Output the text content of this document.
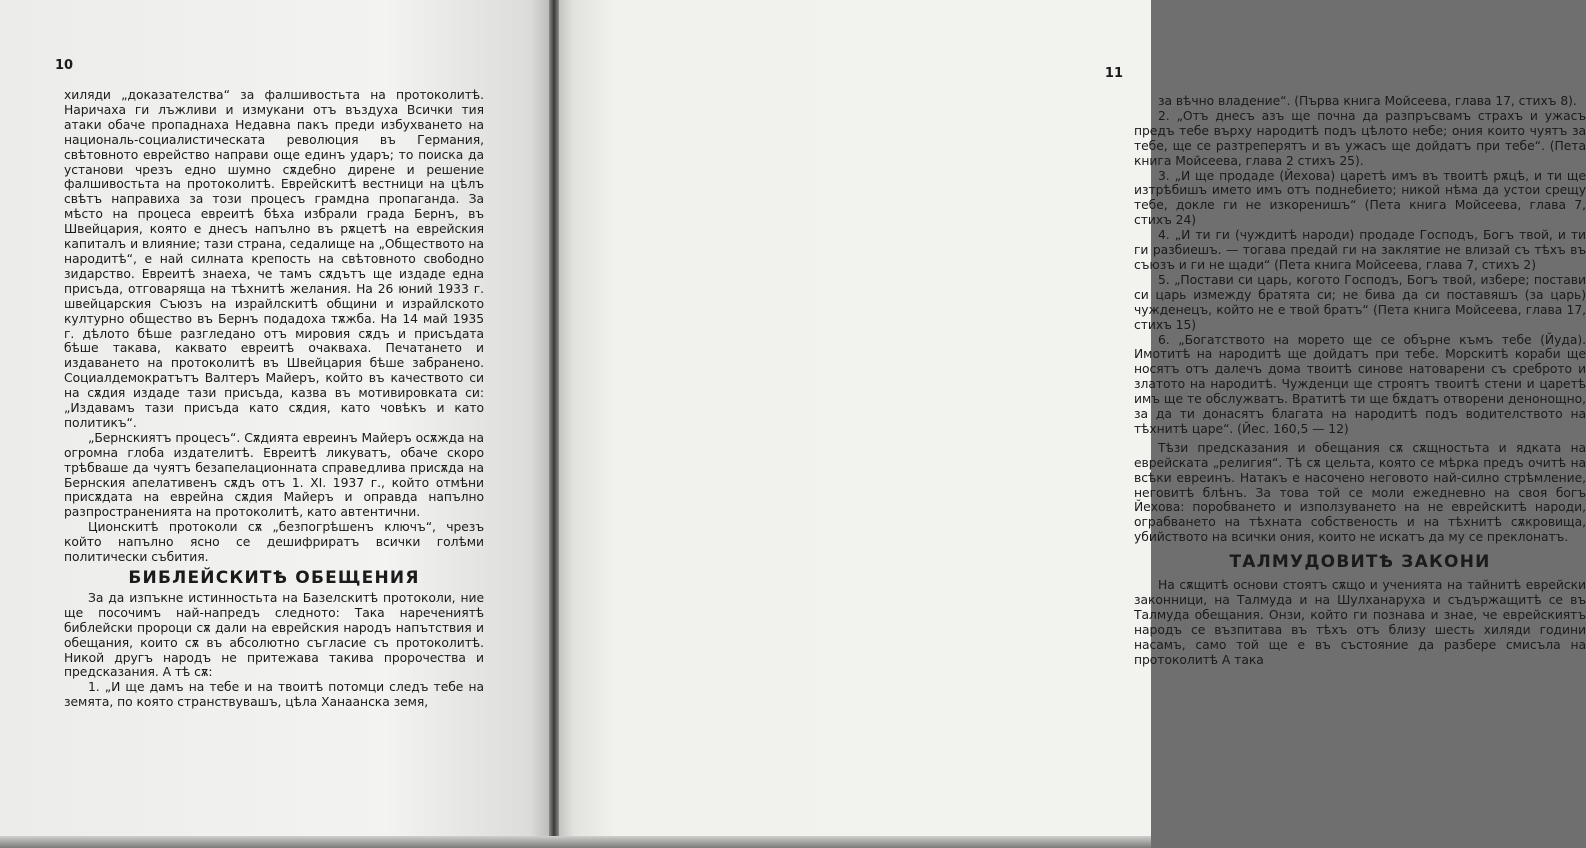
10

хиляди „доказателства“ за фалшивостьта на протоколитѣ. Наричаха ги лъжливи и измукани отъ въздуха Всички тия атаки обаче пропаднаха Недавна пакъ преди избухването на националь-социалистическата революция въ Германия, свѣтовното еврейство направи още единъ ударъ; то поиска да установи чрезъ едно шумно сѫдебно дирене и решение фалшивостьта на протоколитѣ. Еврейскитѣ вестници на цѣлъ свѣтъ направиха за този процесъ грамдна пропаганда. За мѣсто на процеса евреитѣ бѣха избрали града Бернъ, въ Швейцария, която е днесъ напълно въ рѫцетѣ на еврейския капиталъ и влияние; тази страна, седалище на „Обществото на народитѣ“, е най силната крепость на свѣтовното свободно зидарство. Евреитѣ знаеха, че тамъ сѫдътъ ще издаде една присъда, отговаряща на тѣхнитѣ желания. На 26 юний 1933 г. швейцарския Съюзъ на израйлскитѣ общини и израйлското културно общество въ Бернъ подадоха тѫжба. На 14 май 1935 г. дѣлото бѣше разгледано отъ мировия сѫдъ и присъдата бѣше такава, каквато евреитѣ очакваха. Печатането и издаването на протоколитѣ въ Швейцария бѣше забранено. Социалдемократътъ Валтеръ Майеръ, който въ качеството си на сѫдия издаде тази присъда, казва въ мотивировката си: „Издавамъ тази присъда като сѫдия, като човѣкъ и като политикъ“.

„Бернскиятъ процесъ“. Сѫдията евреинъ Майеръ осѫжда на огромна глоба издателитѣ. Евреитѣ ликуватъ, обаче скоро трѣбваше да чуятъ безапелационната справедлива присѫда на Бернския апелативенъ сѫдъ отъ 1. XI. 1937 г., който отмѣни присѫдата на еврейна сѫдия Майеръ и оправда напълно разпространенията на протоколитѣ, като автентични.

Ционскитѣ протоколи сѫ „безпогрѣшенъ ключъ“, чрезъ който напълно ясно се дешифриратъ всички голѣми политически събития.

БИБЛЕЙСКИТѢ ОБЕЩЕНИЯ

За да изпъкне истинностьта на Базелскитѣ протоколи, ние ще посочимъ най-напредъ следното: Така наречениятѣ библейски пророци сѫ дали на еврейския народъ напътствия и обещания, които сѫ въ абсолютно съгласие съ протоколитѣ. Никой другъ народъ не притежава такива пророчества и предсказания. А тѣ сѫ:

1. „И ще дамъ на тебе и на твоитѣ потомци следъ тебе на земята, по която странствувашъ, цѣла Ханаанска земя,

11

за вѣчно владение“. (Първа книга Мойсеева, глава 17, стихъ 8).

2. „Отъ днесъ азъ ще почна да разпръсвамъ страхъ и ужасъ предъ тебе върху народитѣ подъ цѣлото небе; ония които чуятъ за тебе, ще се разтреперятъ и въ ужасъ ще дойдатъ при тебе“. (Пета книга Мойсеева, глава 2 стихъ 25).

3. „И ще продаде (Йехова) царетѣ имъ въ твоитѣ рѫцѣ, и ти ще изтрѣбишъ името имъ отъ поднебието; никой нѣма да устои срещу тебе, докле ги не изкоренишъ“ (Пета книга Мойсеева, глава 7, стихъ 24)

4. „И ти ги (чуждитѣ народи) продаде Господъ, Богъ твой, и ти ги разбиешъ. — тогава предай ги на заклятие не влизай съ тѣхъ въ съюзъ и ги не щади“ (Пета книга Мойсеева, глава 7, стихъ 2)

5. „Постави си царь, когото Господъ, Богъ твой, избере; постави си царь измежду братята си; не бива да си поставяшъ (за царь) чужденецъ, който не е твой братъ“ (Пета книга Мойсеева, глава 17, стихъ 15)

6. „Богатството на морето ще се обърне къмъ тебе (Йуда). Имотитѣ на народитѣ ще дойдатъ при тебе. Морскитѣ кораби ще носятъ отъ далечъ дома твоитѣ синове натоварени съ среброто и златото на народитѣ. Чужденци ще строятъ твоитѣ стени и царетѣ имъ ще те обслужватъ. Вратитѣ ти ще бѫдатъ отворени денонощно, за да ти донасятъ благата на народитѣ подъ водителството на тѣхнитѣ царе“. (Йес. 160,5 — 12)

Тѣзи предсказания и обещания сѫ сѫщностьта и ядката на еврейската „религия“. Тѣ сѫ цельта, която се мѣрка предъ очитѣ на всѣки евреинъ. Натакъ е насочено неговото най-силно стрѣмление, неговитѣ блѣнъ. За това той се моли ежедневно на своя богъ Йехова: поробването и използуването на не еврейскитѣ народи, ограбването на тѣхната собственость и на тѣхнитѣ сѫкровища, убийството на всички ония, които не искатъ да му се преклонатъ.

ТАЛМУДОВИТѢ ЗАКОНИ

На сѫщитѣ основи стоятъ сѫщо и ученията на тайнитѣ еврейски законници, на Талмуда и на Шулханаруха и съдържащитѣ се въ Талмуда обещания. Онзи, който ги познава и знае, че еврейскиятъ народъ се възпитава въ тѣхъ отъ близу шесть хиляди години насамъ, само той ще е въ състояние да разбере смисъла на протоколитѣ А така
